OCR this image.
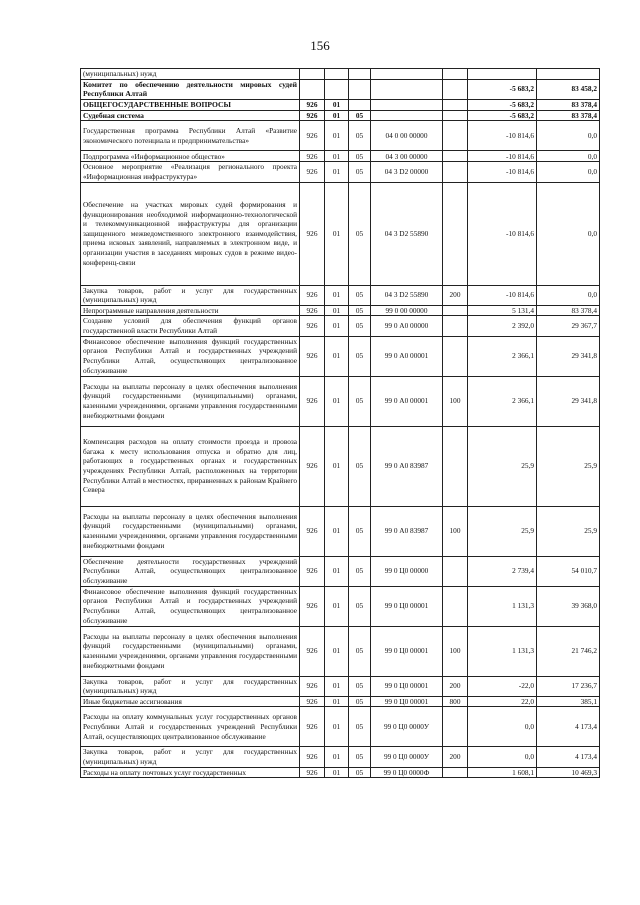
156
(муниципальных) нужд							
Комитет по обеспечению деятельности мировых судей Республики Алтай						-5 683,2	83 458,2
ОБЩЕГОСУДАРСТВЕННЫЕ ВОПРОСЫ	926	01				-5 683,2	83 378,4
Судебная система	926	01	05			-5 683,2	83 378,4
Государственная программа Республики Алтай «Развитие экономического потенциала и предпринимательства»	926	01	05	04 0 00 00000		-10 814,6	0,0
Подпрограмма «Информационное общество»	926	01	05	04 3 00 00000		-10 814,6	0,0
Основное мероприятие «Реализация регионального проекта «Информационная инфраструктура»	926	01	05	04 3 D2 00000		-10 814,6	0,0
Обеспечение на участках мировых судей формирования и функционирования необходимой информационно-технологической и телекоммуникационной инфраструктуры для организации защищенного межведомственного электронного взаимодействия, приема исковых заявлений, направляемых в электронном виде, и организации участия в заседаниях мировых судов в режиме видео-конференц-связи	926	01	05	04 3 D2 55890		-10 814,6	0,0
Закупка товаров, работ и услуг для государственных (муниципальных) нужд	926	01	05	04 3 D2 55890	200	-10 814,6	0,0
Непрограммные направления деятельности	926	01	05	99 0 00 00000		5 131,4	83 378,4
Создание условий для обеспечения функций органов государственной власти Республики Алтай	926	01	05	99 0 А0 00000		2 392,0	29 367,7
Финансовое обеспечение выполнения функций государственных органов Республики Алтай и государственных учреждений Республики Алтай, осуществляющих централизованное обслуживание	926	01	05	99 0 А0 00001		2 366,1	29 341,8
Расходы на выплаты персоналу в целях обеспечения выполнения функций государственными (муниципальными) органами, казенными учреждениями, органами управления государственными внебюджетными фондами	926	01	05	99 0 А0 00001	100	2 366,1	29 341,8
Компенсация расходов на оплату стоимости проезда и провоза багажа к месту использования отпуска и обратно для лиц, работающих в государственных органах и государственных учреждениях Республики Алтай, расположенных на территории Республики Алтай в местностях, приравненных к районам Крайнего Севера	926	01	05	99 0 А0 83987		25,9	25,9
Расходы на выплаты персоналу в целях обеспечения выполнения функций государственными (муниципальными) органами, казенными учреждениями, органами управления государственными внебюджетными фондами	926	01	05	99 0 А0 83987	100	25,9	25,9
Обеспечение деятельности государственных учреждений Республики Алтай, осуществляющих централизованное обслуживание	926	01	05	99 0 Ц0 00000		2 739,4	54 010,7
Финансовое обеспечение выполнения функций государственных органов Республики Алтай и государственных учреждений Республики Алтай, осуществляющих централизованное обслуживание	926	01	05	99 0 Ц0 00001		1 131,3	39 368,0
Расходы на выплаты персоналу в целях обеспечения выполнения функций государственными (муниципальными) органами, казенными учреждениями, органами управления государственными внебюджетными фондами	926	01	05	99 0 Ц0 00001	100	1 131,3	21 746,2
Закупка товаров, работ и услуг для государственных (муниципальных) нужд	926	01	05	99 0 Ц0 00001	200	-22,0	17 236,7
Иные бюджетные ассигнования	926	01	05	99 0 Ц0 00001	800	22,0	385,1
Расходы на оплату коммунальных услуг государственных органов Республики Алтай и государственных учреждений Республики Алтай, осуществляющих централизованное обслуживание	926	01	05	99 0 Ц0 0000У		0,0	4 173,4
Закупка товаров, работ и услуг для государственных (муниципальных) нужд	926	01	05	99 0 Ц0 0000У	200	0,0	4 173,4
Расходы на оплату почтовых услуг государственных	926	01	05	99 0 Ц0 0000Ф		1 608,1	10 469,3
